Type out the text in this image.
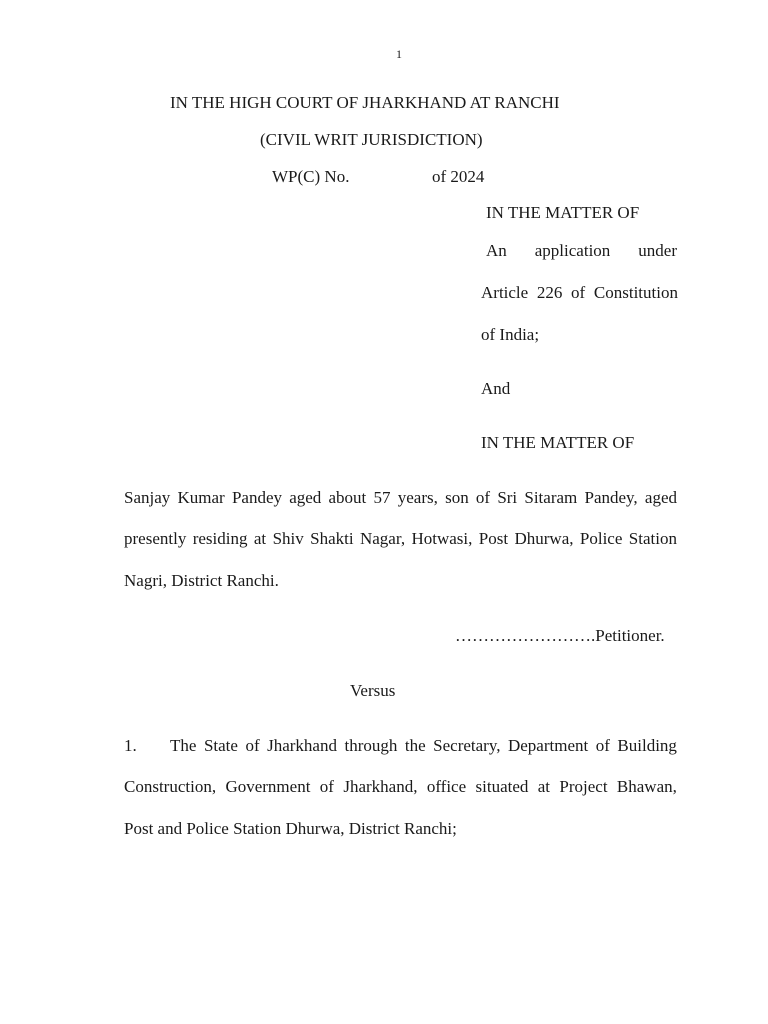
1
IN THE HIGH COURT OF JHARKHAND AT RANCHI
(CIVIL WRIT JURISDICTION)
WP(C) No.	of 2024
IN THE MATTER OF
An application under
Article 226 of Constitution
of India;
And
IN THE MATTER OF
Sanjay Kumar Pandey aged about 57 years, son of Sri Sitaram Pandey, aged
presently residing at Shiv Shakti Nagar, Hotwasi, Post Dhurwa, Police Station
Nagri, District Ranchi.
…………………….Petitioner.
Versus
1. The State of Jharkhand through the Secretary, Department of Building
Construction, Government of Jharkhand, office situated at Project Bhawan,
Post and Police Station Dhurwa, District Ranchi;
